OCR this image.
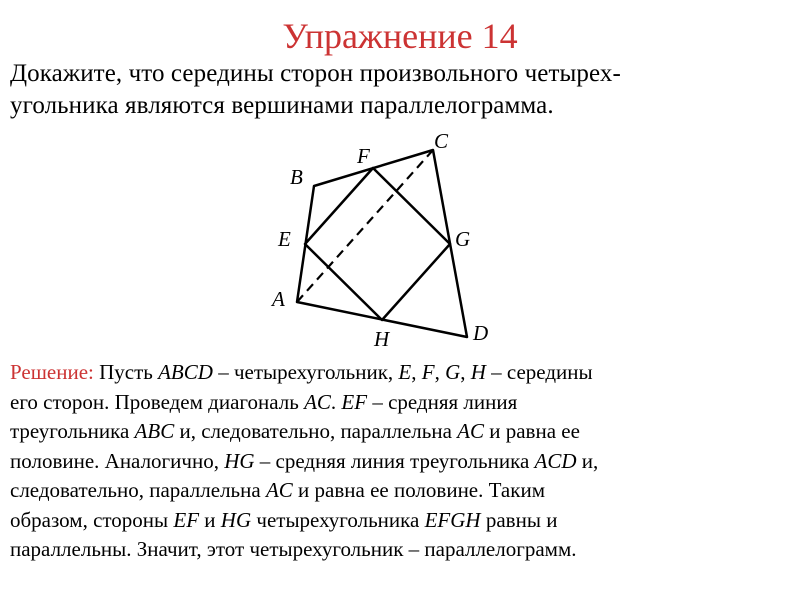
Упражнение 14
Докажите, что середины сторон произвольного четырех-
угольника являются вершинами параллелограмма.
A
B
C
D
E
F
G
H
Решение: Пусть ABCD – четырехугольник, E, F, G, H – середины
его сторон. Проведем диагональ AC. EF – средняя линия
треугольника ABC и, следовательно, параллельна AC и равна ее
половине. Аналогично, HG – средняя линия треугольника ACD и,
следовательно, параллельна AC и равна ее половине. Таким
образом, стороны EF и HG четырехугольника EFGH равны и
параллельны. Значит, этот четырехугольник – параллелограмм.
